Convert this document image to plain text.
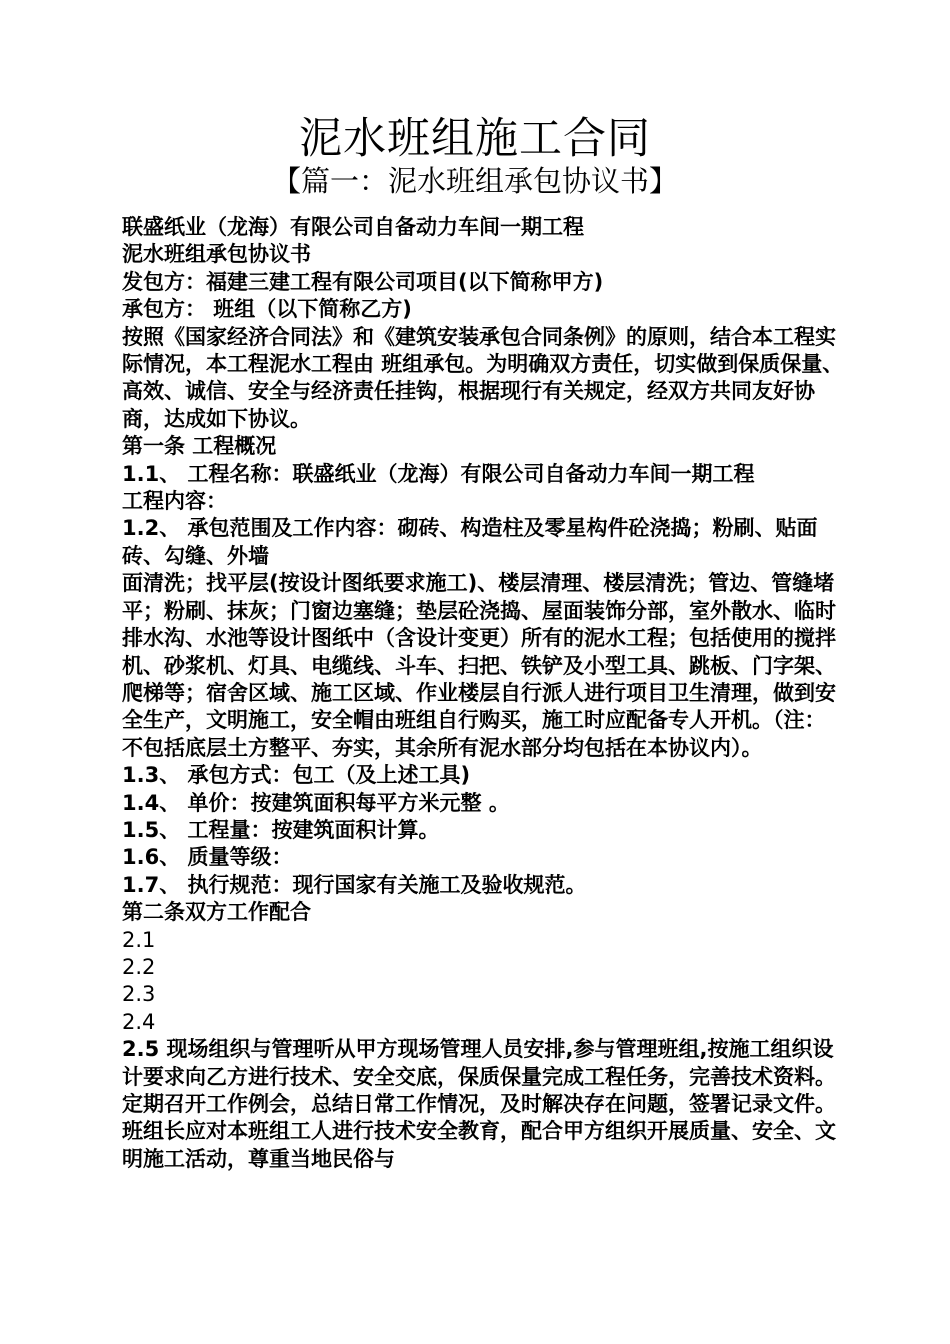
泥水班组施工合同
【篇一：泥水班组承包协议书】

联盛纸业（龙海）有限公司自备动力车间一期工程

泥水班组承包协议书

发包方：福建三建工程有限公司项目(以下简称甲方)

承包方： 班组（以下简称乙方)

按照《国家经济合同法》和《建筑安装承包合同条例》的原则，结合本工程实际情况，本工程泥水工程由 班组承包。为明确双方责任，切实做到保质保量、高效、诚信、安全与经济责任挂钩，根据现行有关规定，经双方共同友好协商，达成如下协议。

第一条 工程概况

1.1、 工程名称：联盛纸业（龙海）有限公司自备动力车间一期工程

工程内容：

1.2、 承包范围及工作内容：砌砖、构造柱及零星构件砼浇捣；粉刷、贴面砖、勾缝、外墙

面清洗；找平层(按设计图纸要求施工)、楼层清理、楼层清洗；管边、管缝堵平；粉刷、抹灰；门窗边塞缝；垫层砼浇捣、屋面装饰分部，室外散水、临时排水沟、水池等设计图纸中（含设计变更）所有的泥水工程；包括使用的搅拌机、砂浆机、灯具、电缆线、斗车、扫把、铁铲及小型工具、跳板、门字架、爬梯等；宿舍区域、施工区域、作业楼层自行派人进行项目卫生清理，做到安全生产，文明施工，安全帽由班组自行购买，施工时应配备专人开机。（注：不包括底层土方整平、夯实，其余所有泥水部分均包括在本协议内）。

1.3、 承包方式：包工（及上述工具)

1.4、 单价：按建筑面积每平方米元整 。

1.5、 工程量：按建筑面积计算。

1.6、 质量等级：

1.7、 执行规范：现行国家有关施工及验收规范。

第二条双方工作配合

2.1

2.2

2.3

2.4

2.5 现场组织与管理听从甲方现场管理人员安排,参与管理班组,按施工组织设计要求向乙方进行技术、安全交底，保质保量完成工程任务，完善技术资料。 定期召开工作例会，总结日常工作情况，及时解决存在问题，签署记录文件。 班组长应对本班组工人进行技术安全教育，配合甲方组织开展质量、安全、文明施工活动，尊重当地民俗与
